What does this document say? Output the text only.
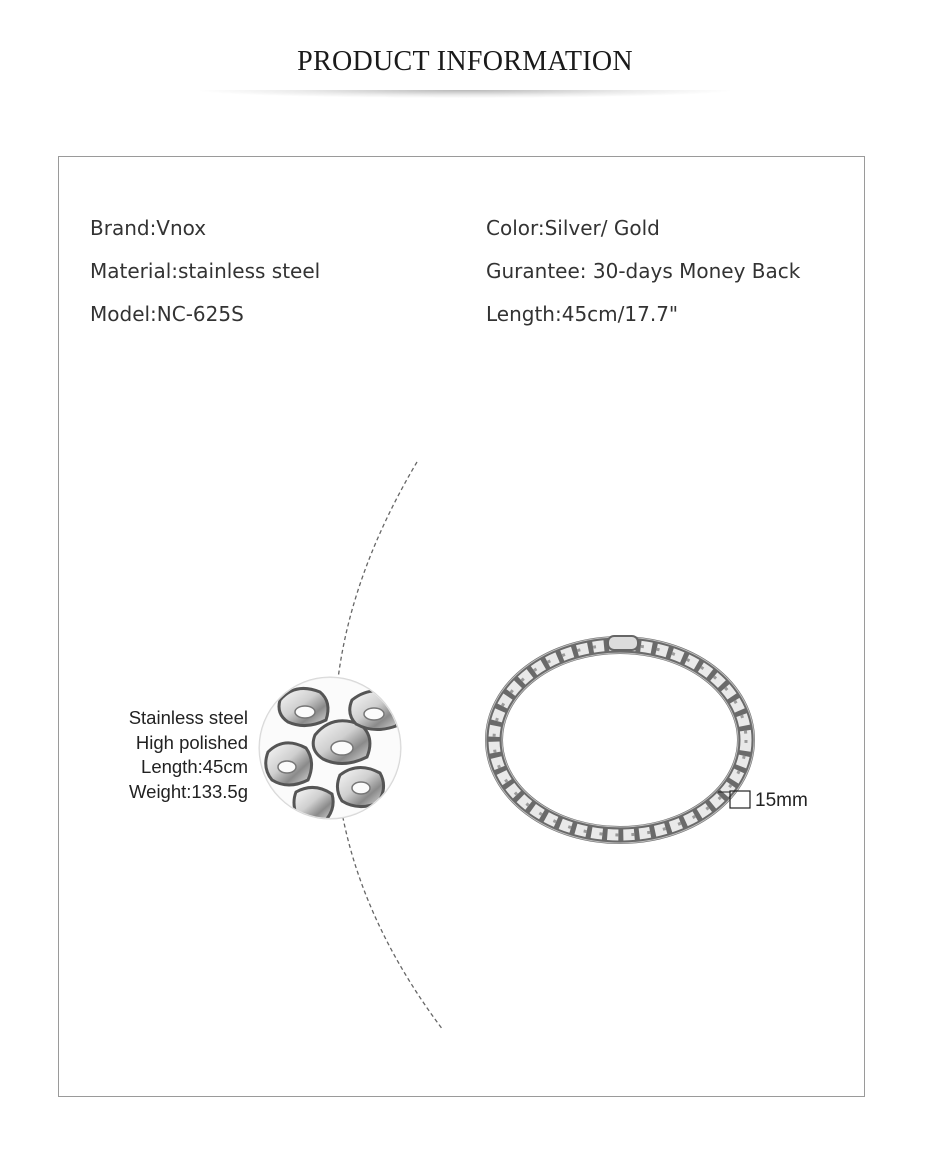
PRODUCT INFORMATION
Brand:Vnox
Material:stainless steel
Model:NC-625S
Color:Silver/ Gold
Gurantee: 30-days Money Back
Length:45cm/17.7"
Stainless steel
High polished
Length:45cm
Weight:133.5g	15mm
